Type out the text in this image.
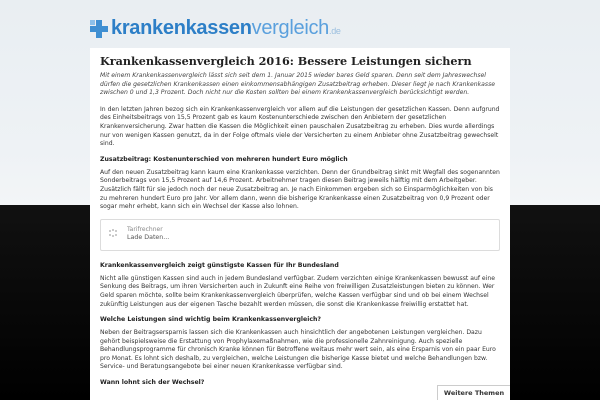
krankenkassenvergleich.de
Krankenkassenvergleich 2016: Bessere Leistungen sichern

Mit einem Krankenkassenvergleich lässt sich seit dem 1. Januar 2015 wieder bares Geld sparen. Denn seit dem Jahreswechsel dürfen die gesetzlichen Krankenkassen einen einkommensabhängigen Zusatzbeitrag erheben. Dieser liegt je nach Krankenkasse zwischen 0 und 1,3 Prozent. Doch nicht nur die Kosten sollten bei einem Krankenkassenvergleich berücksichtigt werden.

In den letzten Jahren bezog sich ein Krankenkassenvergleich vor allem auf die Leistungen der gesetzlichen Kassen. Denn aufgrund des Einheitsbeitrags von 15,5 Prozent gab es kaum Kostenunterschiede zwischen den Anbietern der gesetzlichen Krankenversicherung. Zwar hatten die Kassen die Möglichkeit einen pauschalen Zusatzbeitrag zu erheben. Dies wurde allerdings nur von wenigen Kassen genutzt, da in der Folge oftmals viele der Versicherten zu einem Anbieter ohne Zusatzbeitrag gewechselt sind.

Zusatzbeitrag: Kostenunterschied von mehreren hundert Euro möglich

Auf den neuen Zusatzbeitrag kann kaum eine Krankenkasse verzichten. Denn der Grundbeitrag sinkt mit Wegfall des sogenannten Sonderbeitrags von 15,5 Prozent auf 14,6 Prozent. Arbeitnehmer tragen diesen Beitrag jeweils hälftig mit dem Arbeitgeber. Zusätzlich fällt für sie jedoch noch der neue Zusatzbeitrag an. Je nach Einkommen ergeben sich so Einsparmöglichkeiten von bis zu mehreren hundert Euro pro Jahr. Vor allem dann, wenn die bisherige Krankenkasse einen Zusatzbeitrag von 0,9 Prozent oder sogar mehr erhebt, kann sich ein Wechsel der Kasse also lohnen.

Tarifrechner
Lade Daten...
Krankenkassenvergleich zeigt günstigste Kassen für Ihr Bundesland

Nicht alle günstigen Kassen sind auch in jedem Bundesland verfügbar. Zudem verzichten einige Krankenkassen bewusst auf eine Senkung des Beitrags, um ihren Versicherten auch in Zukunft eine Reihe von freiwilligen Zusatzleistungen bieten zu können. Wer Geld sparen möchte, sollte beim Krankenkassenvergleich überprüfen, welche Kassen verfügbar sind und ob bei einem Wechsel zukünftig Leistungen aus der eigenen Tasche bezahlt werden müssen, die sonst die Krankenkasse freiwillig erstattet hat.

Welche Leistungen sind wichtig beim Krankenkassenvergleich?

Neben der Beitragsersparnis lassen sich die Krankenkassen auch hinsichtlich der angebotenen Leistungen vergleichen. Dazu gehört beispielsweise die Erstattung von Prophylaxemaßnahmen, wie die professionelle Zahnreinigung. Auch spezielle Behandlungsprogramme für chronisch Kranke können für Betroffene weitaus mehr wert sein, als eine Ersparnis von ein paar Euro pro Monat. Es lohnt sich deshalb, zu vergleichen, welche Leistungen die bisherige Kasse bietet und welche Behandlungen bzw. Service- und Beratungsangebote bei einer neuen Krankenkasse verfügbar sind.

Wann lohnt sich der Wechsel?
Weitere Themen
